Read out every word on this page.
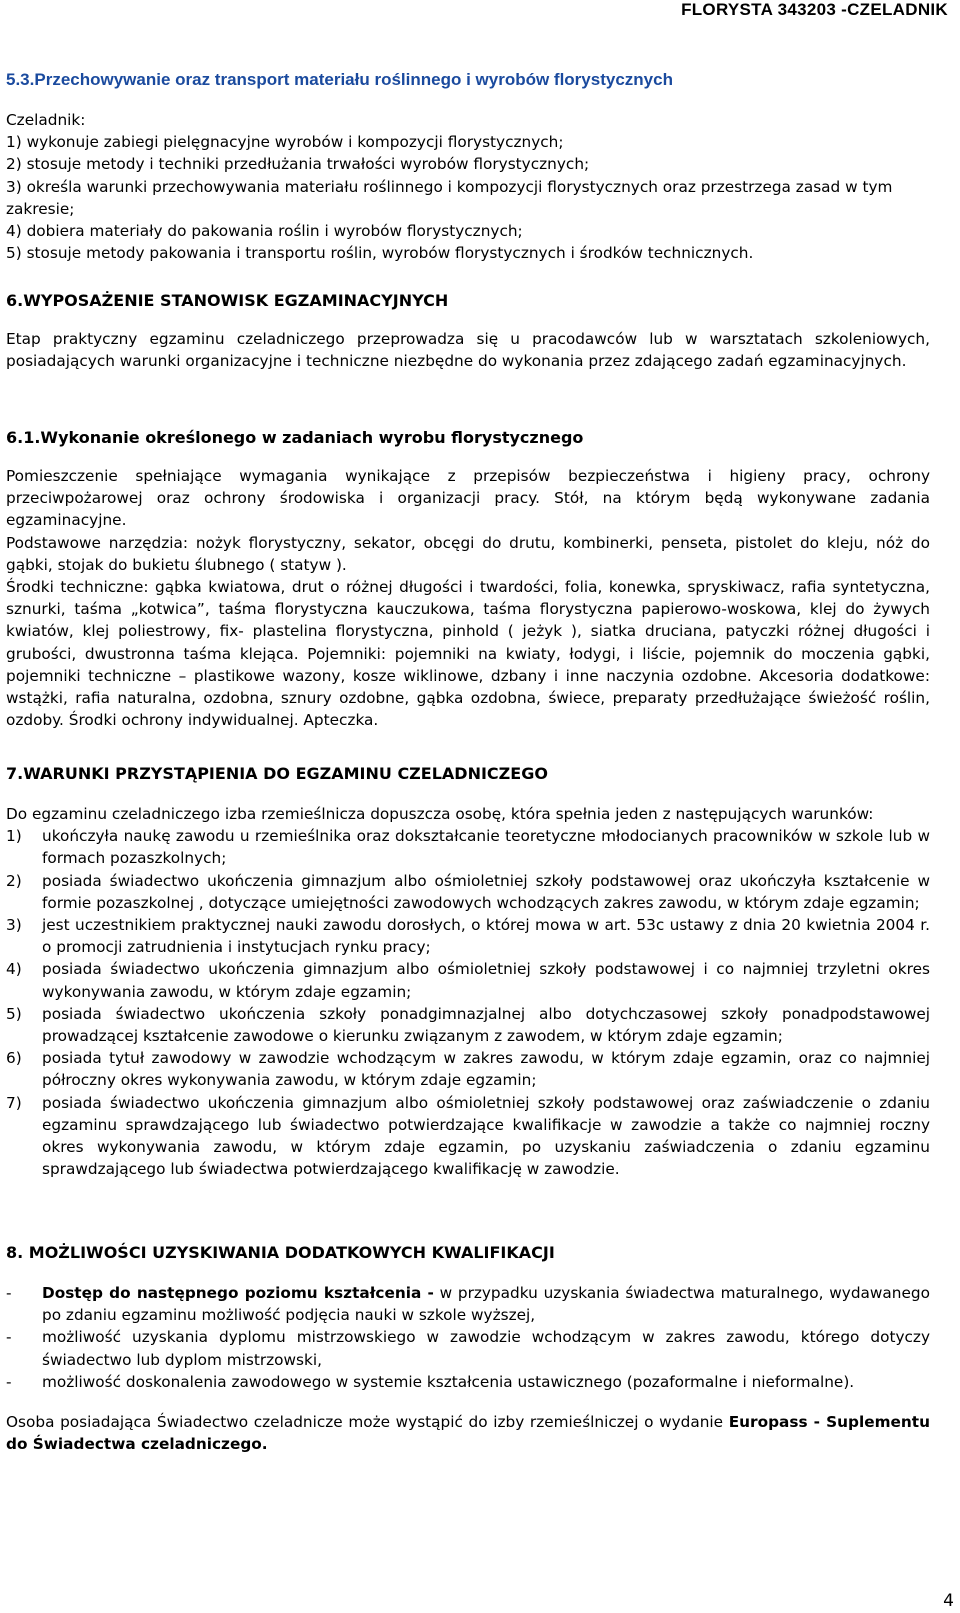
FLORYSTA 343203 -CZELADNIK
5.3.Przechowywanie oraz transport materiału roślinnego i wyrobów florystycznych

Czeladnik:

1) wykonuje zabiegi pielęgnacyjne wyrobów i kompozycji florystycznych;

2) stosuje metody i techniki przedłużania trwałości wyrobów florystycznych;

3) określa warunki przechowywania materiału roślinnego i kompozycji florystycznych oraz przestrzega zasad w tym zakresie;

4) dobiera materiały do pakowania roślin i wyrobów florystycznych;

5) stosuje metody pakowania i transportu roślin, wyrobów florystycznych i środków technicznych.

6.WYPOSAŻENIE STANOWISK EGZAMINACYJNYCH

Etap praktyczny egzaminu czeladniczego przeprowadza się u pracodawców lub w warsztatach szkoleniowych, posiadających warunki organizacyjne i techniczne niezbędne do wykonania przez zdającego zadań egzaminacyjnych.

6.1.Wykonanie określonego w zadaniach wyrobu florystycznego

Pomieszczenie spełniające wymagania wynikające z przepisów bezpieczeństwa i higieny pracy, ochrony przeciwpożarowej oraz ochrony środowiska i organizacji pracy. Stół, na którym będą wykonywane zadania egzaminacyjne.

Podstawowe narzędzia: nożyk florystyczny, sekator, obcęgi do drutu, kombinerki, penseta, pistolet do kleju, nóż do gąbki, stojak do bukietu ślubnego ( statyw ).

Środki techniczne: gąbka kwiatowa, drut o różnej długości i twardości, folia, konewka, spryskiwacz, rafia syntetyczna, sznurki, taśma „kotwica”, taśma florystyczna kauczukowa, taśma florystyczna papierowo-woskowa, klej do żywych kwiatów, klej poliestrowy, fix- plastelina florystyczna, pinhold ( jeżyk ), siatka druciana, patyczki różnej długości i grubości, dwustronna taśma klejąca. Pojemniki: pojemniki na kwiaty, łodygi, i liście, pojemnik do moczenia gąbki, pojemniki techniczne – plastikowe wazony, kosze wiklinowe, dzbany i inne naczynia ozdobne. Akcesoria dodatkowe: wstążki, rafia naturalna, ozdobna, sznury ozdobne, gąbka ozdobna, świece, preparaty przedłużające świeżość roślin, ozdoby. Środki ochrony indywidualnej. Apteczka.

7.WARUNKI PRZYSTĄPIENIA DO EGZAMINU CZELADNICZEGO

Do egzaminu czeladniczego izba rzemieślnicza dopuszcza osobę, która spełnia jeden z następujących warunków:

1)	ukończyła naukę zawodu u rzemieślnika oraz dokształcanie teoretyczne młodocianych pracowników w szkole lub w formach pozaszkolnych;
2)	posiada świadectwo ukończenia gimnazjum albo ośmioletniej szkoły podstawowej oraz ukończyła kształcenie w formie pozaszkolnej , dotyczące umiejętności zawodowych wchodzących zakres zawodu, w którym zdaje egzamin;
3)	jest uczestnikiem praktycznej nauki zawodu dorosłych, o której mowa w art. 53c ustawy z dnia 20 kwietnia 2004 r. o promocji zatrudnienia i instytucjach rynku pracy;
4)	posiada świadectwo ukończenia gimnazjum albo ośmioletniej szkoły podstawowej i co najmniej trzyletni okres wykonywania zawodu, w którym zdaje egzamin;
5)	posiada świadectwo ukończenia szkoły ponadgimnazjalnej albo dotychczasowej szkoły ponadpodstawowej prowadzącej kształcenie zawodowe o kierunku związanym z zawodem, w którym zdaje egzamin;
6)	posiada tytuł zawodowy w zawodzie wchodzącym w zakres zawodu, w którym zdaje egzamin, oraz co najmniej półroczny okres wykonywania zawodu, w którym zdaje egzamin;
7)	posiada świadectwo ukończenia gimnazjum albo ośmioletniej szkoły podstawowej oraz zaświadczenie o zdaniu egzaminu sprawdzającego lub świadectwo potwierdzające kwalifikacje w zawodzie a także co najmniej roczny okres wykonywania zawodu, w którym zdaje egzamin, po uzyskaniu zaświadczenia o zdaniu egzaminu sprawdzającego lub świadectwa potwierdzającego kwalifikację w zawodzie.

8. MOŻLIWOŚCI UZYSKIWANIA DODATKOWYCH KWALIFIKACJI

-	Dostęp do następnego poziomu kształcenia - w przypadku uzyskania świadectwa maturalnego, wydawanego po zdaniu egzaminu możliwość podjęcia nauki w szkole wyższej,
-	możliwość uzyskania dyplomu mistrzowskiego w zawodzie wchodzącym w zakres zawodu, którego dotyczy świadectwo lub dyplom mistrzowski,
-	możliwość doskonalenia zawodowego w systemie kształcenia ustawicznego (pozaformalne i nieformalne).

Osoba posiadająca Świadectwo czeladnicze może wystąpić do izby rzemieślniczej o wydanie Europass - Suplementu do Świadectwa czeladniczego.

4
